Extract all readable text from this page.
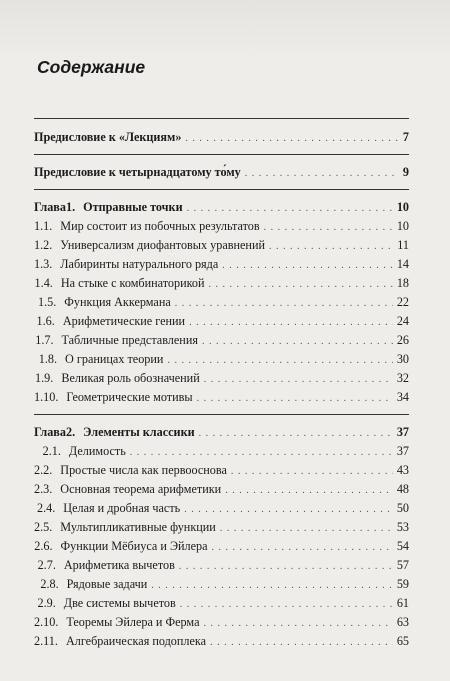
Содержание
Предисловие к «Лекциям» . . .	7
Предисловие к четырнадцатому то́му . . .	9
Глава 1. Отправные точки . . .	10
1.1. Мир состоит из побочных результатов . . .	10
1.2. Универсализм диофантовых уравнений . . .	11
1.3. Лабиринты натурального ряда . . .	14
1.4. На стыке с комбинаторикой . . .	18
1.5. Функция Аккермана . . .	22
1.6. Арифметические гении . . .	24
1.7. Табличные представления . . .	26
1.8. О границах теории . . .	30
1.9. Великая роль обозначений . . .	32
1.10. Геометрические мотивы . . .	34
Глава 2. Элементы классики . . .	37
2.1. Делимость . . .	37
2.2. Простые числа как первооснова . . .	43
2.3. Основная теорема арифметики . . .	48
2.4. Целая и дробная часть . . .	50
2.5. Мультипликативные функции . . .	53
2.6. Функции Мёбиуса и Эйлера . . .	54
2.7. Арифметика вычетов . . .	57
2.8. Рядовые задачи . . .	59
2.9. Две системы вычетов . . .	61
2.10. Теоремы Эйлера и Ферма . . .	63
2.11. Алгебраическая подоплека . . .	65
